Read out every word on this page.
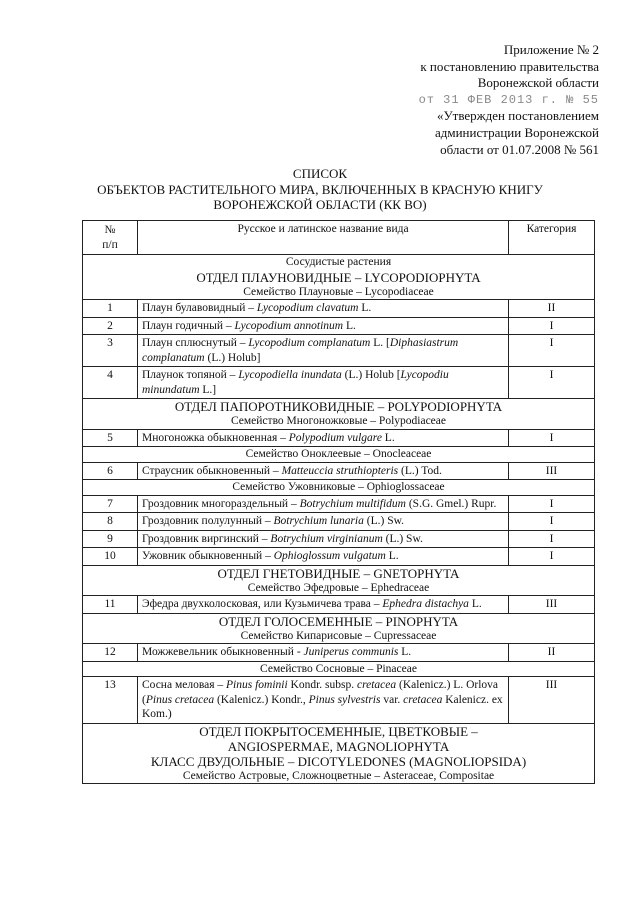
Приложение № 2
к постановлению правительства
Воронежской области
от 31 ФЕВ 2013 г. № 55
«Утвержден постановлением
администрации Воронежской
области от 01.07.2008 № 561
СПИСОК
ОБЪЕКТОВ РАСТИТЕЛЬНОГО МИРА, ВКЛЮЧЕННЫХ В КРАСНУЮ КНИГУ
ВОРОНЕЖСКОЙ ОБЛАСТИ (КК ВО)
№
п/п	Русское и латинское название вида	Категория

Сосудистые растения
ОТДЕЛ ПЛАУНОВИДНЫЕ – LYCOPODIOPHYTA
Семейство Плауновые – Lycopodiaceae		

1	Плаун булавовидный – Lycopodium clavatum L.	II
2	Плаун годичный – Lycopodium annotinum L.	I
3	Плаун сплюснутый – Lycopodium complanatum L. [Diphasiastrum complanatum (L.) Holub]	I
4	Плаунок топяной – Lycopodiella inundata (L.) Holub [Lycopodiu minundatum L.]	I

ОТДЕЛ ПАПОРОТНИКОВИДНЫЕ – POLYPODIOPHYTA
Семейство Многоножковые – Polypodiaceae		

5	Многоножка обыкновенная – Polypodium vulgare L.	I

Семейство Оноклеевые – Onocleaceae		

6	Страусник обыкновенный – Matteuccia struthiopteris (L.) Tod.	III

Семейство Ужовниковые – Ophioglossaceae		

7	Гроздовник многораздельный – Botrychium multifidum (S.G. Gmel.) Rupr.	I
8	Гроздовник полулунный – Botrychium lunaria (L.) Sw.	I
9	Гроздовник виргинский – Botrychium virginianum (L.) Sw.	I
10	Ужовник обыкновенный – Ophioglossum vulgatum L.	I

ОТДЕЛ ГНЕТОВИДНЫЕ – GNETOPHYTA
Семейство Эфедровые – Ephedraceae		

11	Эфедра двухколосковая, или Кузьмичева трава – Ephedra distachya L.	III

ОТДЕЛ ГОЛОСЕМЕННЫЕ – PINOPHYTA
Семейство Кипарисовые – Cupressaceae		

12	Можжевельник обыкновенный - Juniperus communis L.	II

Семейство Сосновые – Pinaceae		

13	Сосна меловая – Pinus fominii Kondr. subsp. cretacea (Kalenicz.) L. Orlova (Pinus cretacea (Kalenicz.) Kondr., Pinus sylvestris var. cretacea Kalenicz. ex Kom.)	III

ОТДЕЛ ПОКРЫТОСЕМЕННЫЕ, ЦВЕТКОВЫЕ –
ANGIOSPERMAE, MAGNOLIOPHYTA
КЛАСС ДВУДОЛЬНЫЕ – DICOTYLEDONES (MAGNOLIOPSIDA)
Семейство Астровые, Сложноцветные – Asteraceae, Compositae		
